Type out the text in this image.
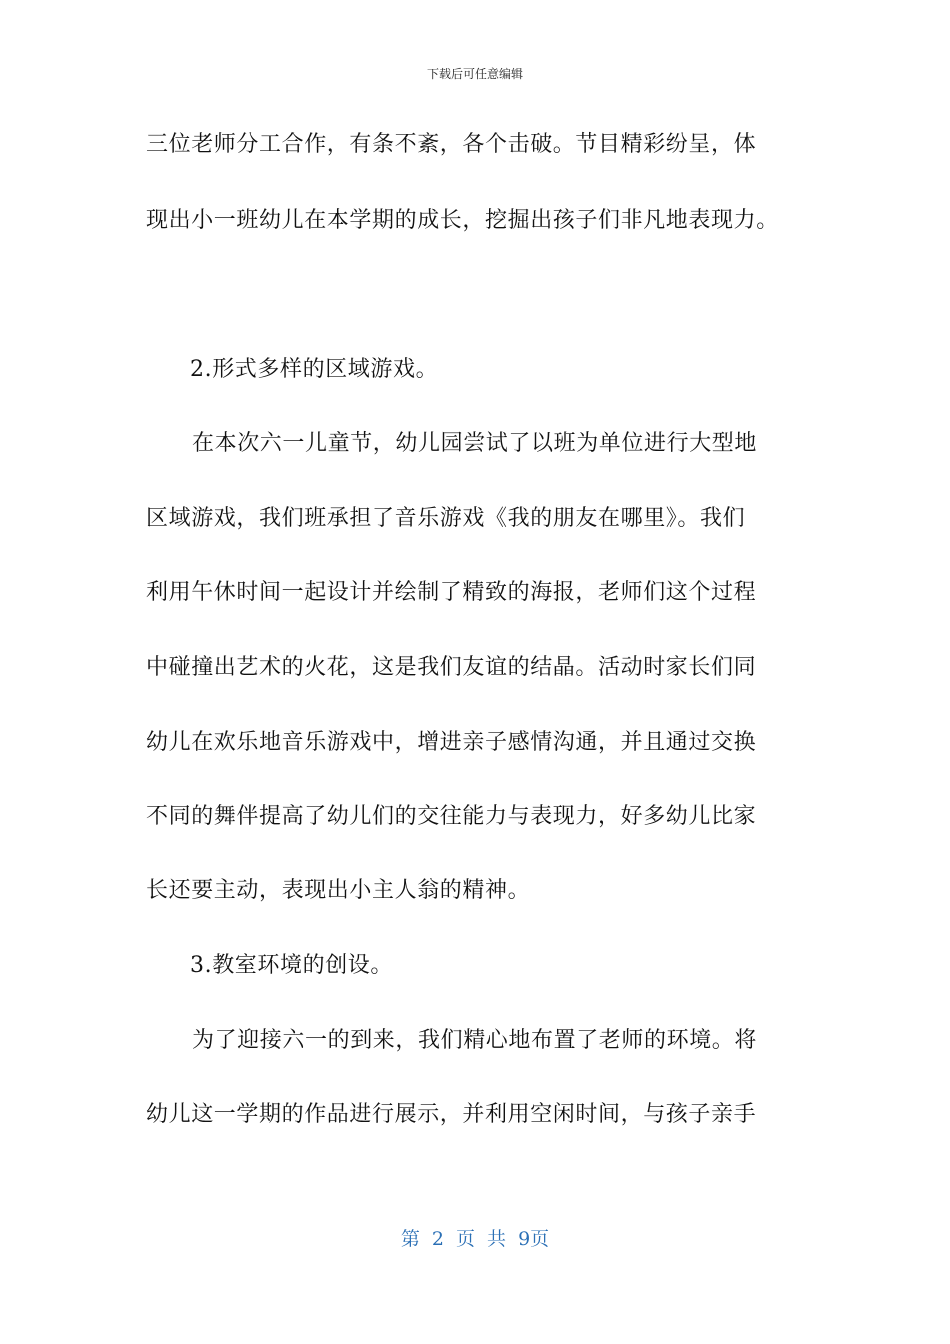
下载后可任意编辑
三位老师分工合作，有条不紊，各个击破。节目精彩纷呈，体
现出小一班幼儿在本学期的成长，挖掘出孩子们非凡地表现力。
2.形式多样的区域游戏。
在本次六一儿童节，幼儿园尝试了以班为单位进行大型地
区域游戏，我们班承担了音乐游戏《我的朋友在哪里》。我们
利用午休时间一起设计并绘制了精致的海报，老师们这个过程
中碰撞出艺术的火花，这是我们友谊的结晶。活动时家长们同
幼儿在欢乐地音乐游戏中，增进亲子感情沟通，并且通过交换
不同的舞伴提高了幼儿们的交往能力与表现力，好多幼儿比家
长还要主动，表现出小主人翁的精神。
3.教室环境的创设。
为了迎接六一的到来，我们精心地布置了老师的环境。将
幼儿这一学期的作品进行展示，并利用空闲时间，与孩子亲手
第 2 页 共 9页
